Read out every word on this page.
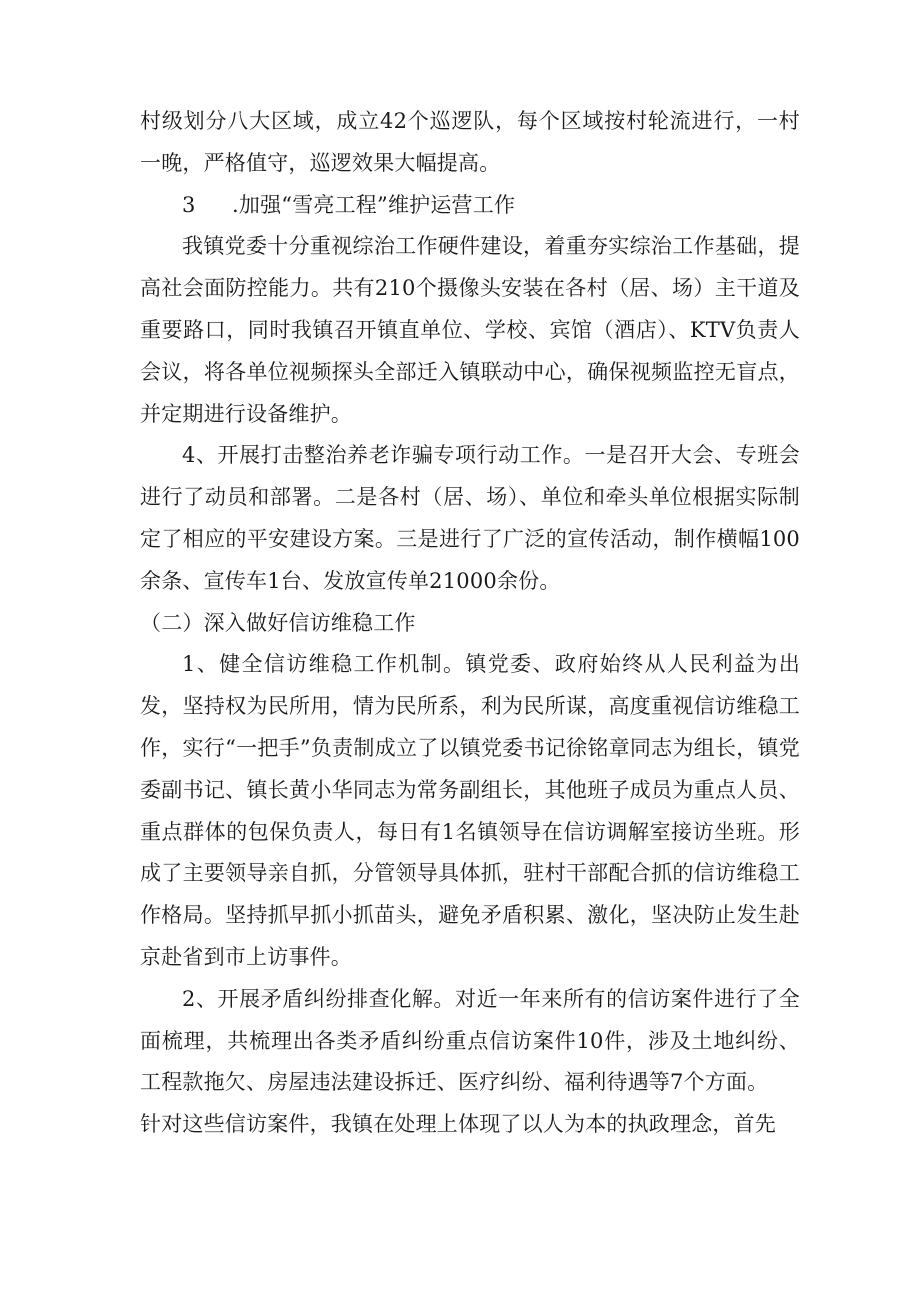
村级划分八大区域，成立42个巡逻队，每个区域按村轮流进行，一村一晚，严格值守，巡逻效果大幅提高。

3 .加强“雪亮工程”维护运营工作

我镇党委十分重视综治工作硬件建设，着重夯实综治工作基础，提高社会面防控能力。共有210个摄像头安装在各村（居、场）主干道及重要路口，同时我镇召开镇直单位、学校、宾馆（酒店）、KTV负责人会议，将各单位视频探头全部迁入镇联动中心，确保视频监控无盲点，并定期进行设备维护。

4、开展打击整治养老诈骗专项行动工作。一是召开大会、专班会进行了动员和部署。二是各村（居、场）、单位和牵头单位根据实际制定了相应的平安建设方案。三是进行了广泛的宣传活动，制作横幅100余条、宣传车1台、发放宣传单21000余份。

（二）深入做好信访维稳工作

1、健全信访维稳工作机制。镇党委、政府始终从人民利益为出发，坚持权为民所用，情为民所系，利为民所谋，高度重视信访维稳工作，实行“一把手”负责制成立了以镇党委书记徐铭章同志为组长，镇党委副书记、镇长黄小华同志为常务副组长，其他班子成员为重点人员、重点群体的包保负责人，每日有1名镇领导在信访调解室接访坐班。形成了主要领导亲自抓，分管领导具体抓，驻村干部配合抓的信访维稳工作格局。坚持抓早抓小抓苗头，避免矛盾积累、激化，坚决防止发生赴京赴省到市上访事件。

2、开展矛盾纠纷排查化解。对近一年来所有的信访案件进行了全面梳理，共梳理出各类矛盾纠纷重点信访案件10件，涉及土地纠纷、工程款拖欠、房屋违法建设拆迁、医疗纠纷、福利待遇等7个方面。

针对这些信访案件，我镇在处理上体现了以人为本的执政理念，首先
